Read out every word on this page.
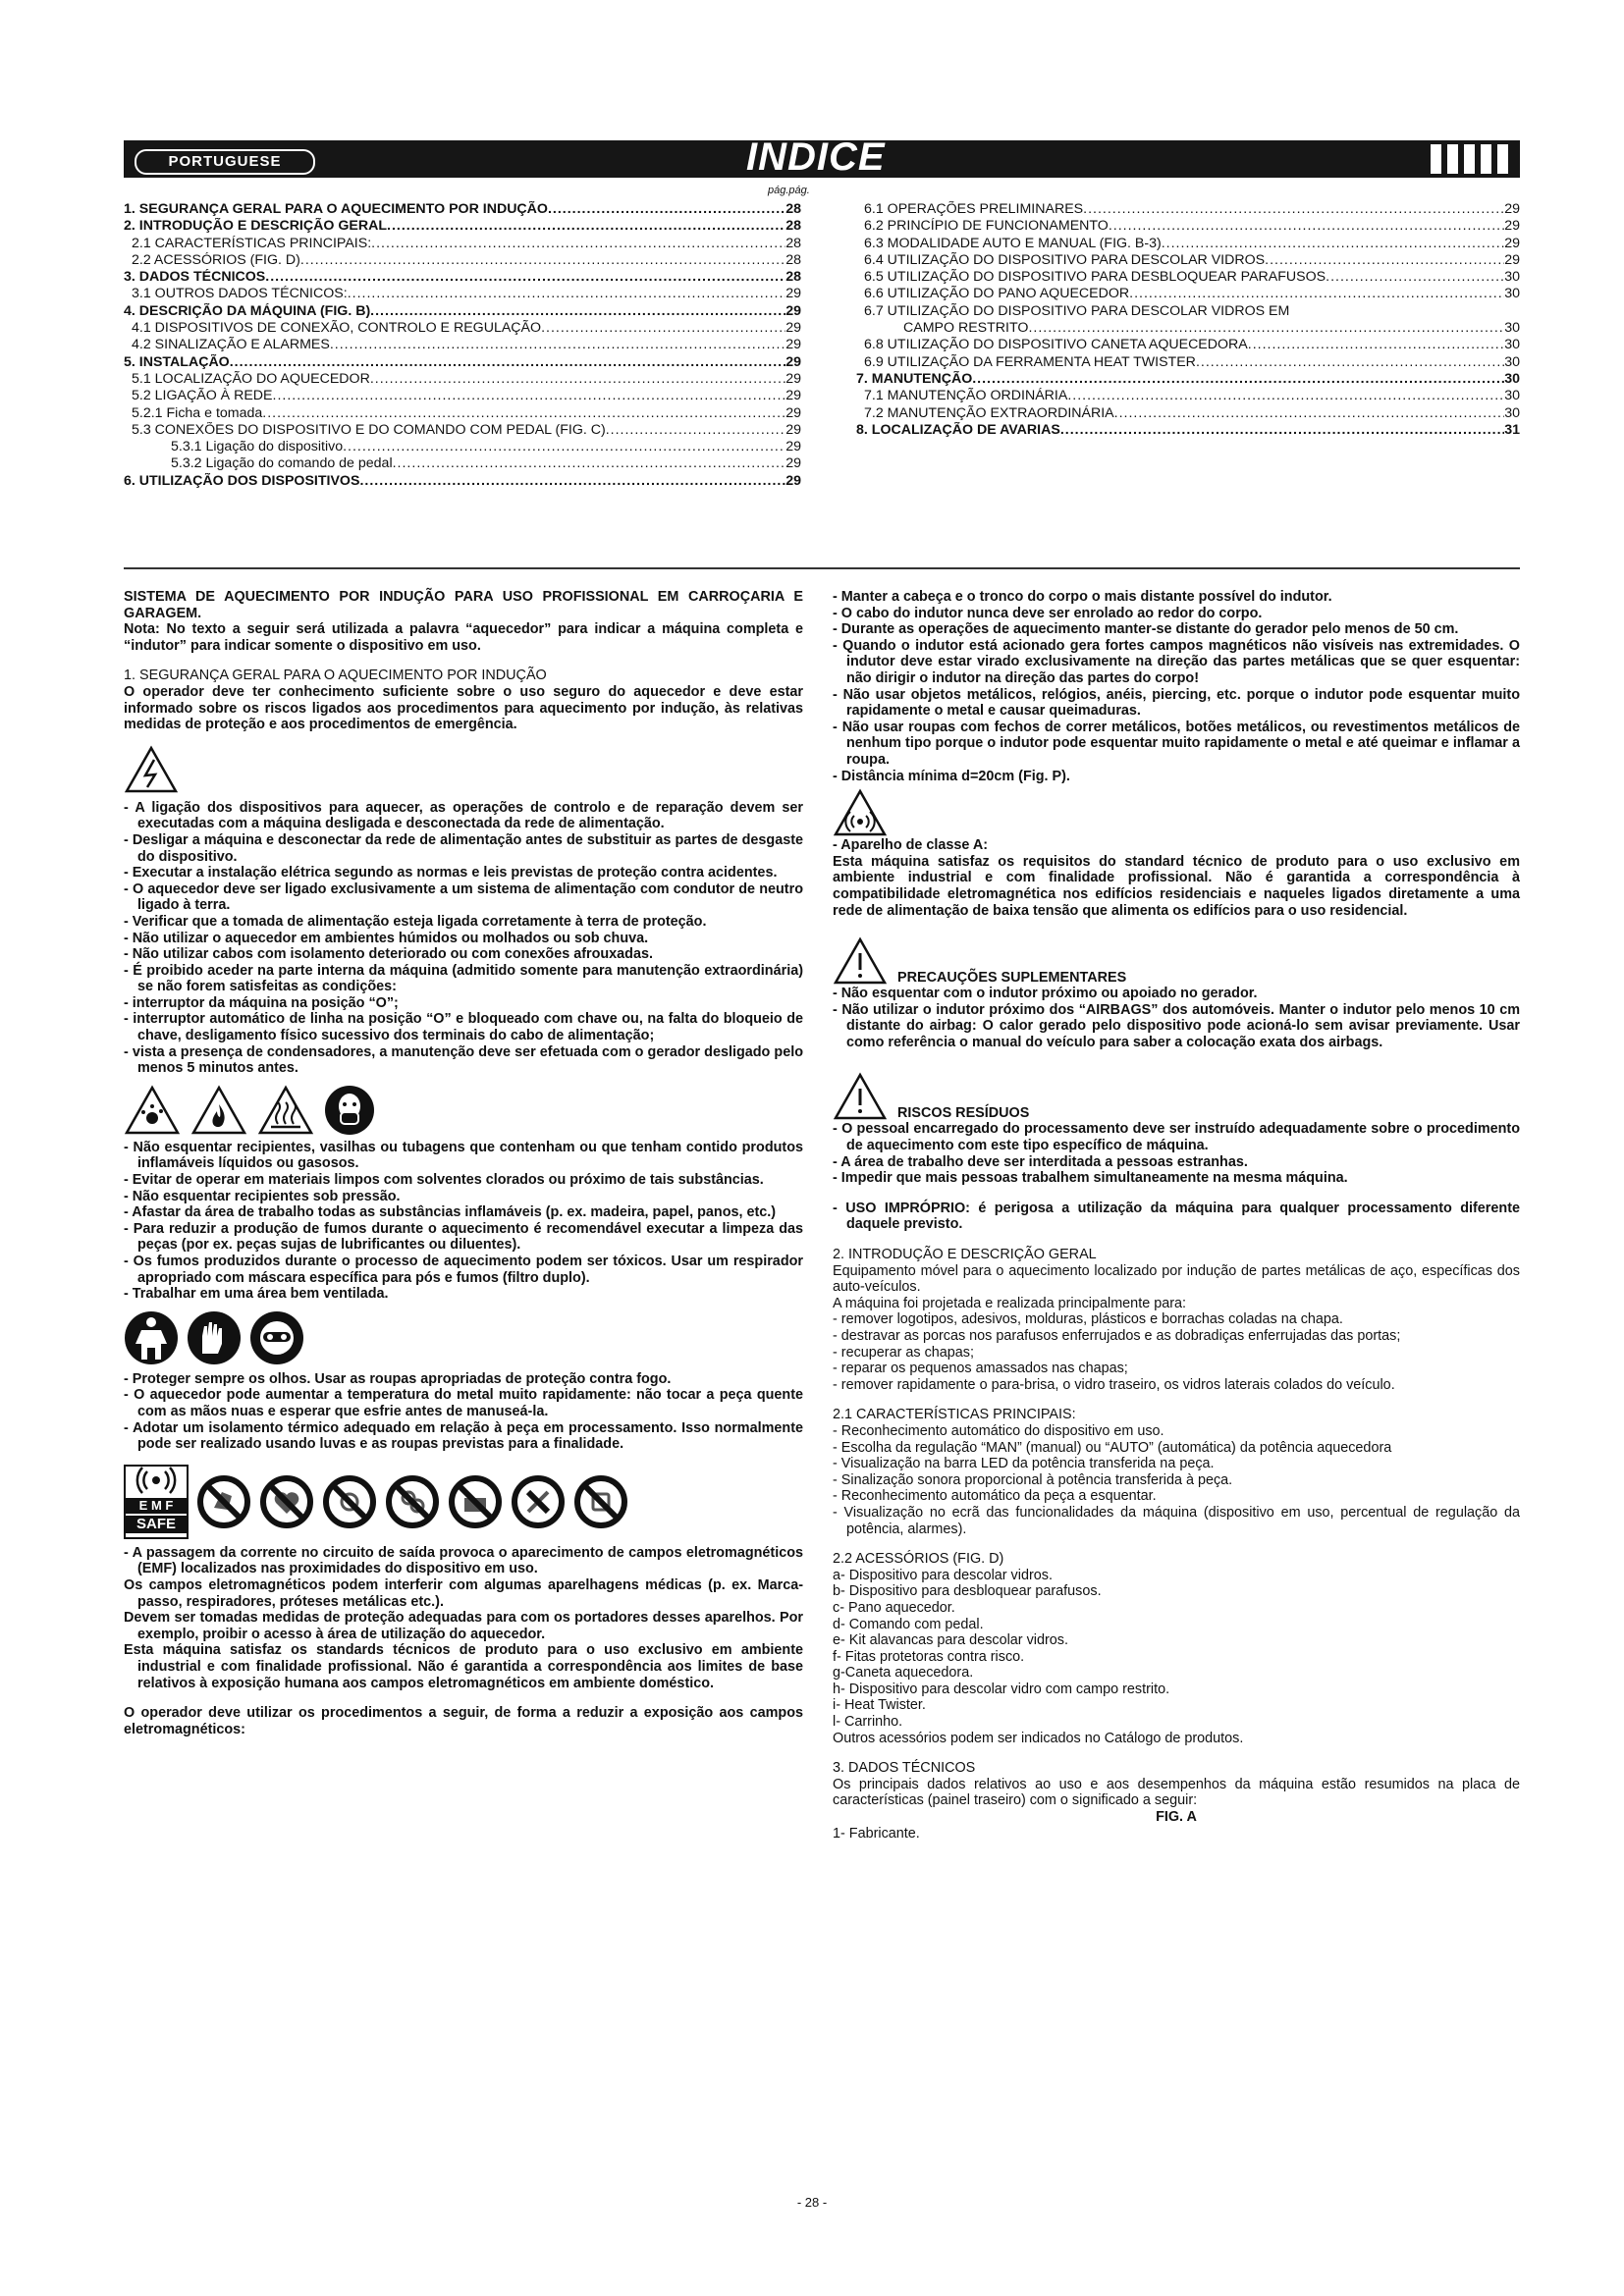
PORTUGUESE	INDICE
pág.pág.
1. SEGURANÇA GERAL PARA O AQUECIMENTO POR INDUÇÃO .....	28
2. INTRODUÇÃO E DESCRIÇÃO GERAL .....	28
2.1 CARACTERÍSTICAS PRINCIPAIS: .....	28
2.2 ACESSÓRIOS (FIG. D) .....	28
3. DADOS TÉCNICOS .....	28
3.1 OUTROS DADOS TÉCNICOS: .....	29
4. DESCRIÇÃO DA MÁQUINA (FIG. B) .....	29
4.1 DISPOSITIVOS DE CONEXÃO, CONTROLO E REGULAÇÃO .....	29
4.2 SINALIZAÇÃO E ALARMES .....	29
5. INSTALAÇÃO .....	29
5.1 LOCALIZAÇÃO DO AQUECEDOR .....	29
5.2 LIGAÇÃO À REDE .....	29
5.2.1 Ficha e tomada .....	29
5.3 CONEXÕES DO DISPOSITIVO E DO COMANDO COM PEDAL (FIG. C) .....	29
5.3.1 Ligação do dispositivo .....	29
5.3.2 Ligação do comando de pedal .....	29
6. UTILIZAÇÃO DOS DISPOSITIVOS .....	29
6.1 OPERAÇÕES PRELIMINARES .....	29
6.2 PRINCÍPIO DE FUNCIONAMENTO .....	29
6.3 MODALIDADE AUTO E MANUAL (FIG. B-3) .....	29
6.4 UTILIZAÇÃO DO DISPOSITIVO PARA DESCOLAR VIDROS .....	29
6.5 UTILIZAÇÃO DO DISPOSITIVO PARA DESBLOQUEAR PARAFUSOS .....	30
6.6 UTILIZAÇÃO DO PANO AQUECEDOR .....	30
6.7 UTILIZAÇÃO DO DISPOSITIVO PARA DESCOLAR VIDROS EM
CAMPO RESTRITO .....	30
6.8 UTILIZAÇÃO DO DISPOSITIVO CANETA AQUECEDORA .....	30
6.9 UTILIZAÇÃO DA FERRAMENTA HEAT TWISTER .....	30
7. MANUTENÇÃO .....	30
7.1 MANUTENÇÃO ORDINÁRIA .....	30
7.2 MANUTENÇÃO EXTRAORDINÁRIA .....	30
8. LOCALIZAÇÃO DE AVARIAS .....	31

SISTEMA DE AQUECIMENTO POR INDUÇÃO PARA USO PROFISSIONAL EM CARROÇARIA E GARAGEM.

Nota: No texto a seguir será utilizada a palavra “aquecedor” para indicar a máquina completa e “indutor” para indicar somente o dispositivo em uso.

1. SEGURANÇA GERAL PARA O AQUECIMENTO POR INDUÇÃO

O operador deve ter conhecimento suficiente sobre o uso seguro do aquecedor e deve estar informado sobre os riscos ligados aos procedimentos para aquecimento por indução, às relativas medidas de proteção e aos procedimentos de emergência.

- A ligação dos dispositivos para aquecer, as operações de controlo e de reparação devem ser executadas com a máquina desligada e desconectada da rede de alimentação.

- Desligar a máquina e desconectar da rede de alimentação antes de substituir as partes de desgaste do dispositivo.

- Executar a instalação elétrica segundo as normas e leis previstas de proteção contra acidentes.

- O aquecedor deve ser ligado exclusivamente a um sistema de alimentação com condutor de neutro ligado à terra.

- Verificar que a tomada de alimentação esteja ligada corretamente à terra de proteção.

- Não utilizar o aquecedor em ambientes húmidos ou molhados ou sob chuva.

- Não utilizar cabos com isolamento deteriorado ou com conexões afrouxadas.

- É proibido aceder na parte interna da máquina (admitido somente para manutenção extraordinária) se não forem satisfeitas as condições:

- interruptor da máquina na posição “O”;

- interruptor automático de linha na posição “O” e bloqueado com chave ou, na falta do bloqueio de chave, desligamento físico sucessivo dos terminais do cabo de alimentação;

- vista a presença de condensadores, a manutenção deve ser efetuada com o gerador desligado pelo menos 5 minutos antes.

- Não esquentar recipientes, vasilhas ou tubagens que contenham ou que tenham contido produtos inflamáveis líquidos ou gasosos.

- Evitar de operar em materiais limpos com solventes clorados ou próximo de tais substâncias.

- Não esquentar recipientes sob pressão.

- Afastar da área de trabalho todas as substâncias inflamáveis (p. ex. madeira, papel, panos, etc.)

- Para reduzir a produção de fumos durante o aquecimento é recomendável executar a limpeza das peças (por ex. peças sujas de lubrificantes ou diluentes).

- Os fumos produzidos durante o processo de aquecimento podem ser tóxicos. Usar um respirador apropriado com máscara específica para pós e fumos (filtro duplo).

- Trabalhar em uma área bem ventilada.

- Proteger sempre os olhos. Usar as roupas apropriadas de proteção contra fogo.

- O aquecedor pode aumentar a temperatura do metal muito rapidamente: não tocar a peça quente com as mãos nuas e esperar que esfrie antes de manuseá-la.

- Adotar um isolamento térmico adequado em relação à peça em processamento. Isso normalmente pode ser realizado usando luvas e as roupas previstas para a finalidade.

E M F
SAFE

- A passagem da corrente no circuito de saída provoca o aparecimento de campos eletromagnéticos (EMF) localizados nas proximidades do dispositivo em uso.

Os campos eletromagnéticos podem interferir com algumas aparelhagens médicas (p. ex. Marca-passo, respiradores, próteses metálicas etc.).

Devem ser tomadas medidas de proteção adequadas para com os portadores desses aparelhos. Por exemplo, proibir o acesso à área de utilização do aquecedor.

Esta máquina satisfaz os standards técnicos de produto para o uso exclusivo em ambiente industrial e com finalidade profissional. Não é garantida a correspondência aos limites de base relativos à exposição humana aos campos eletromagnéticos em ambiente doméstico.

O operador deve utilizar os procedimentos a seguir, de forma a reduzir a exposição aos campos eletromagnéticos:

- Manter a cabeça e o tronco do corpo o mais distante possível do indutor.

- O cabo do indutor nunca deve ser enrolado ao redor do corpo.

- Durante as operações de aquecimento manter-se distante do gerador pelo menos de 50 cm.

- Quando o indutor está acionado gera fortes campos magnéticos não visíveis nas extremidades. O indutor deve estar virado exclusivamente na direção das partes metálicas que se quer esquentar: não dirigir o indutor na direção das partes do corpo!

- Não usar objetos metálicos, relógios, anéis, piercing, etc. porque o indutor pode esquentar muito rapidamente o metal e causar queimaduras.

- Não usar roupas com fechos de correr metálicos, botões metálicos, ou revestimentos metálicos de nenhum tipo porque o indutor pode esquentar muito rapidamente o metal e até queimar e inflamar a roupa.

- Distância mínima d=20cm (Fig. P).

- Aparelho de classe A:

Esta máquina satisfaz os requisitos do standard técnico de produto para o uso exclusivo em ambiente industrial e com finalidade profissional. Não é garantida a correspondência à compatibilidade eletromagnética nos edifícios residenciais e naqueles ligados diretamente a uma rede de alimentação de baixa tensão que alimenta os edifícios para o uso residencial.

PRECAUÇÕES SUPLEMENTARES

- Não esquentar com o indutor próximo ou apoiado no gerador.

- Não utilizar o indutor próximo dos “AIRBAGS” dos automóveis. Manter o indutor pelo menos 10 cm distante do airbag: O calor gerado pelo dispositivo pode acioná-lo sem avisar previamente. Usar como referência o manual do veículo para saber a colocação exata dos airbags.

RISCOS RESÍDUOS

- O pessoal encarregado do processamento deve ser instruído adequadamente sobre o procedimento de aquecimento com este tipo específico de máquina.

- A área de trabalho deve ser interditada a pessoas estranhas.

- Impedir que mais pessoas trabalhem simultaneamente na mesma máquina.

- USO IMPRÓPRIO: é perigosa a utilização da máquina para qualquer processamento diferente daquele previsto.

2. INTRODUÇÃO E DESCRIÇÃO GERAL

Equipamento móvel para o aquecimento localizado por indução de partes metálicas de aço, específicas dos auto-veículos.

A máquina foi projetada e realizada principalmente para:

- remover logotipos, adesivos, molduras, plásticos e borrachas coladas na chapa.

- destravar as porcas nos parafusos enferrujados e as dobradiças enferrujadas das portas;

- recuperar as chapas;

- reparar os pequenos amassados nas chapas;

- remover rapidamente o para-brisa, o vidro traseiro, os vidros laterais colados do veículo.

2.1 CARACTERÍSTICAS PRINCIPAIS:

- Reconhecimento automático do dispositivo em uso.

- Escolha da regulação “MAN” (manual) ou “AUTO” (automática) da potência aquecedora

- Visualização na barra LED da potência transferida na peça.

- Sinalização sonora proporcional à potência transferida à peça.

- Reconhecimento automático da peça a esquentar.

- Visualização no ecrã das funcionalidades da máquina (dispositivo em uso, percentual de regulação da potência, alarmes).

2.2 ACESSÓRIOS (FIG. D)

a- Dispositivo para descolar vidros.

b- Dispositivo para desbloquear parafusos.

c- Pano aquecedor.

d- Comando com pedal.

e- Kit alavancas para descolar vidros.

f- Fitas protetoras contra risco.

g-Caneta aquecedora.

h- Dispositivo para descolar vidro com campo restrito.

i- Heat Twister.

l- Carrinho.

Outros acessórios podem ser indicados no Catálogo de produtos.

3. DADOS TÉCNICOS

Os principais dados relativos ao uso e aos desempenhos da máquina estão resumidos na placa de características (painel traseiro) com o significado a seguir:

FIG. A

1- Fabricante.

- 28 -
